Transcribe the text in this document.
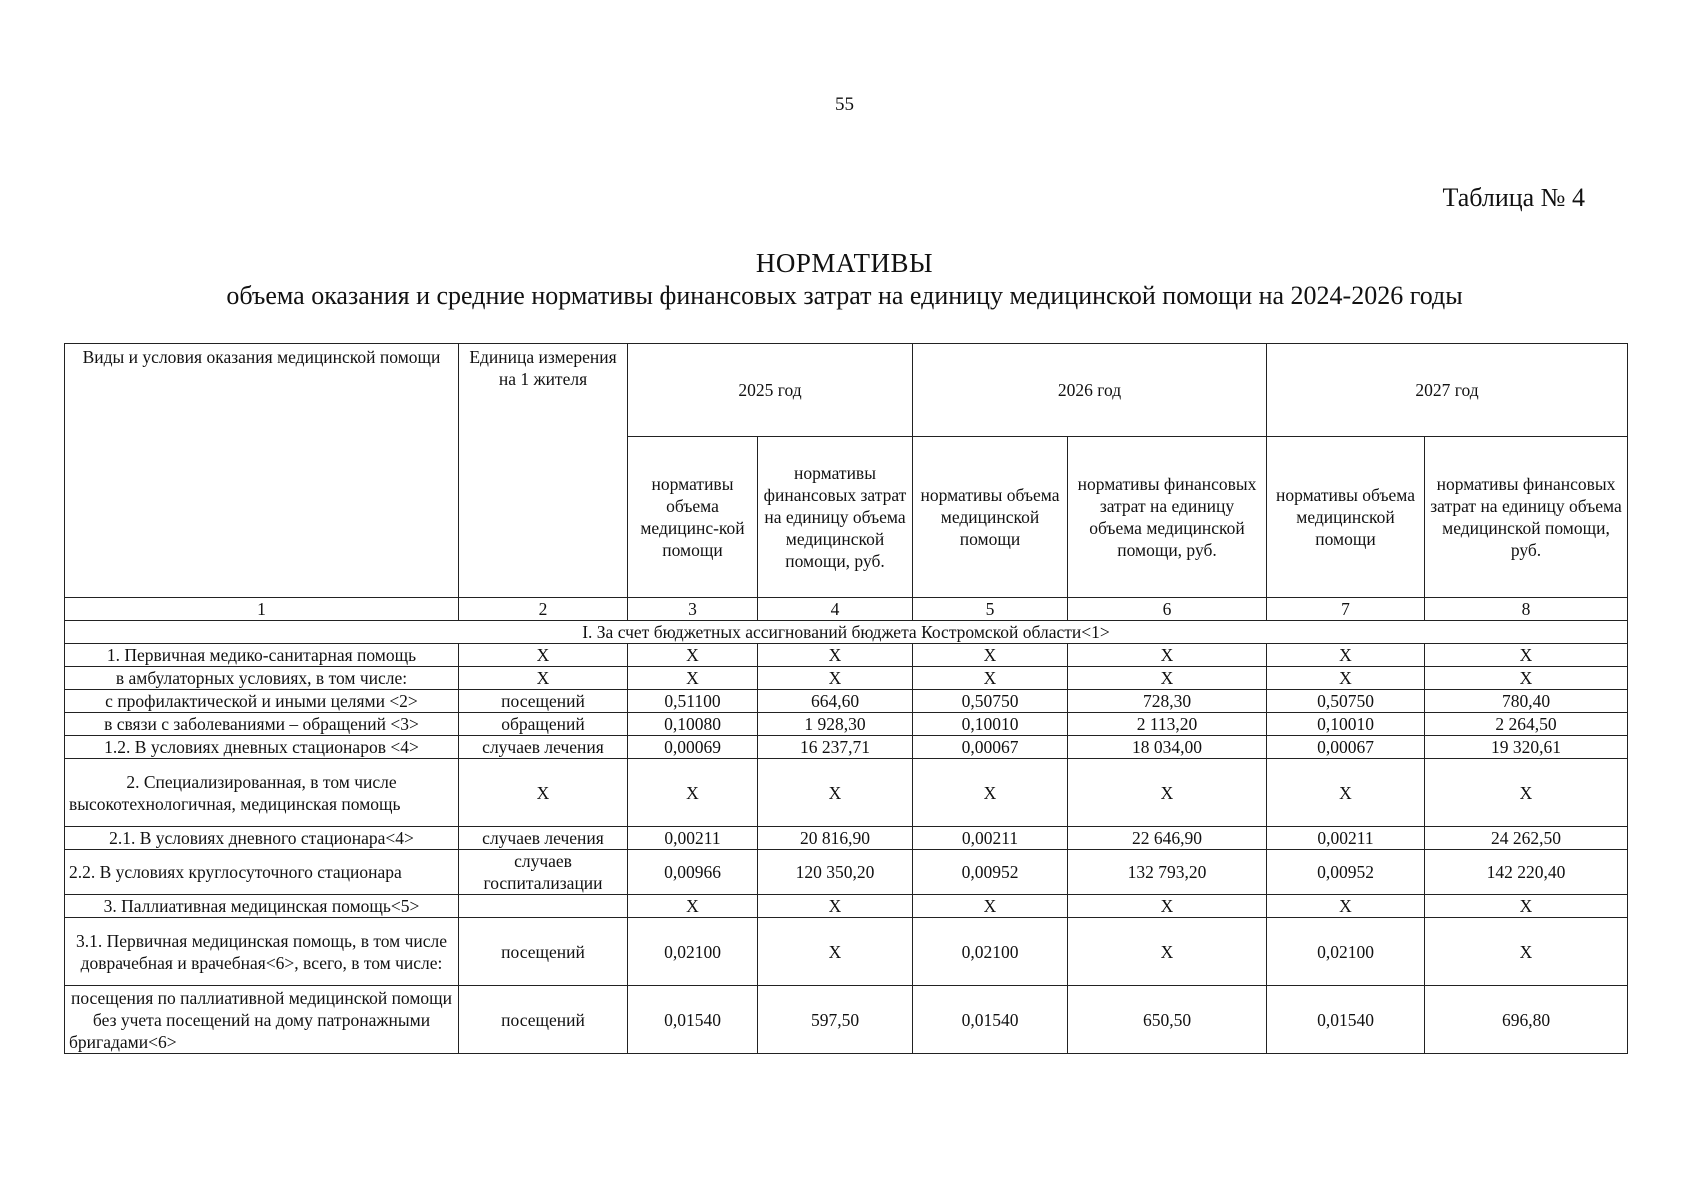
55
Таблица № 4
НОРМАТИВЫ
объема оказания и средние нормативы финансовых затрат на единицу медицинской помощи на 2024-2026 годы
Виды и условия оказания медицинской помощи	Единица измерения на 1 жителя	2025 год		2026 год		2027 год	
		нормативы объема медицинс-кой помощи	нормативы финансовых затрат на единицу объема медицинской помощи, руб.	нормативы объема медицинской помощи	нормативы финансовых затрат на единицу объема медицинской помощи, руб.	нормативы объема медицинской помощи	нормативы финансовых затрат на единицу объема медицинской помощи, руб.
1	2	3	4	5	6	7	8
I. За счет бюджетных ассигнований бюджета Костромской области<1>							
1. Первичная медико-санитарная помощь	X	X	X	X	X	X	X
в амбулаторных условиях, в том числе:	X	X	X	X	X	X	X
с профилактической и иными целями <2>	посещений	0,51100	664,60	0,50750	728,30	0,50750	780,40
в связи с заболеваниями – обращений <3>	обращений	0,10080	1 928,30	0,10010	2 113,20	0,10010	2 264,50
1.2. В условиях дневных стационаров <4>	случаев лечения	0,00069	16 237,71	0,00067	18 034,00	0,00067	19 320,61
2. Специализированная, в том числе высокотехнологичная, медицинская помощь	X	X	X	X	X	X	X
2.1. В условиях дневного стационара<4>	случаев лечения	0,00211	20 816,90	0,00211	22 646,90	0,00211	24 262,50
2.2. В условиях круглосуточного стационара	случаев госпитализации	0,00966	120 350,20	0,00952	132 793,20	0,00952	142 220,40
3. Паллиативная медицинская помощь<5>		X	X	X	X	X	X
3.1. Первичная медицинская помощь, в том числе доврачебная и врачебная<6>, всего, в том числе:	посещений	0,02100	X	0,02100	X	0,02100	X
посещения по паллиативной медицинской помощи без учета посещений на дому патронажными бригадами<6>	посещений	0,01540	597,50	0,01540	650,50	0,01540	696,80
